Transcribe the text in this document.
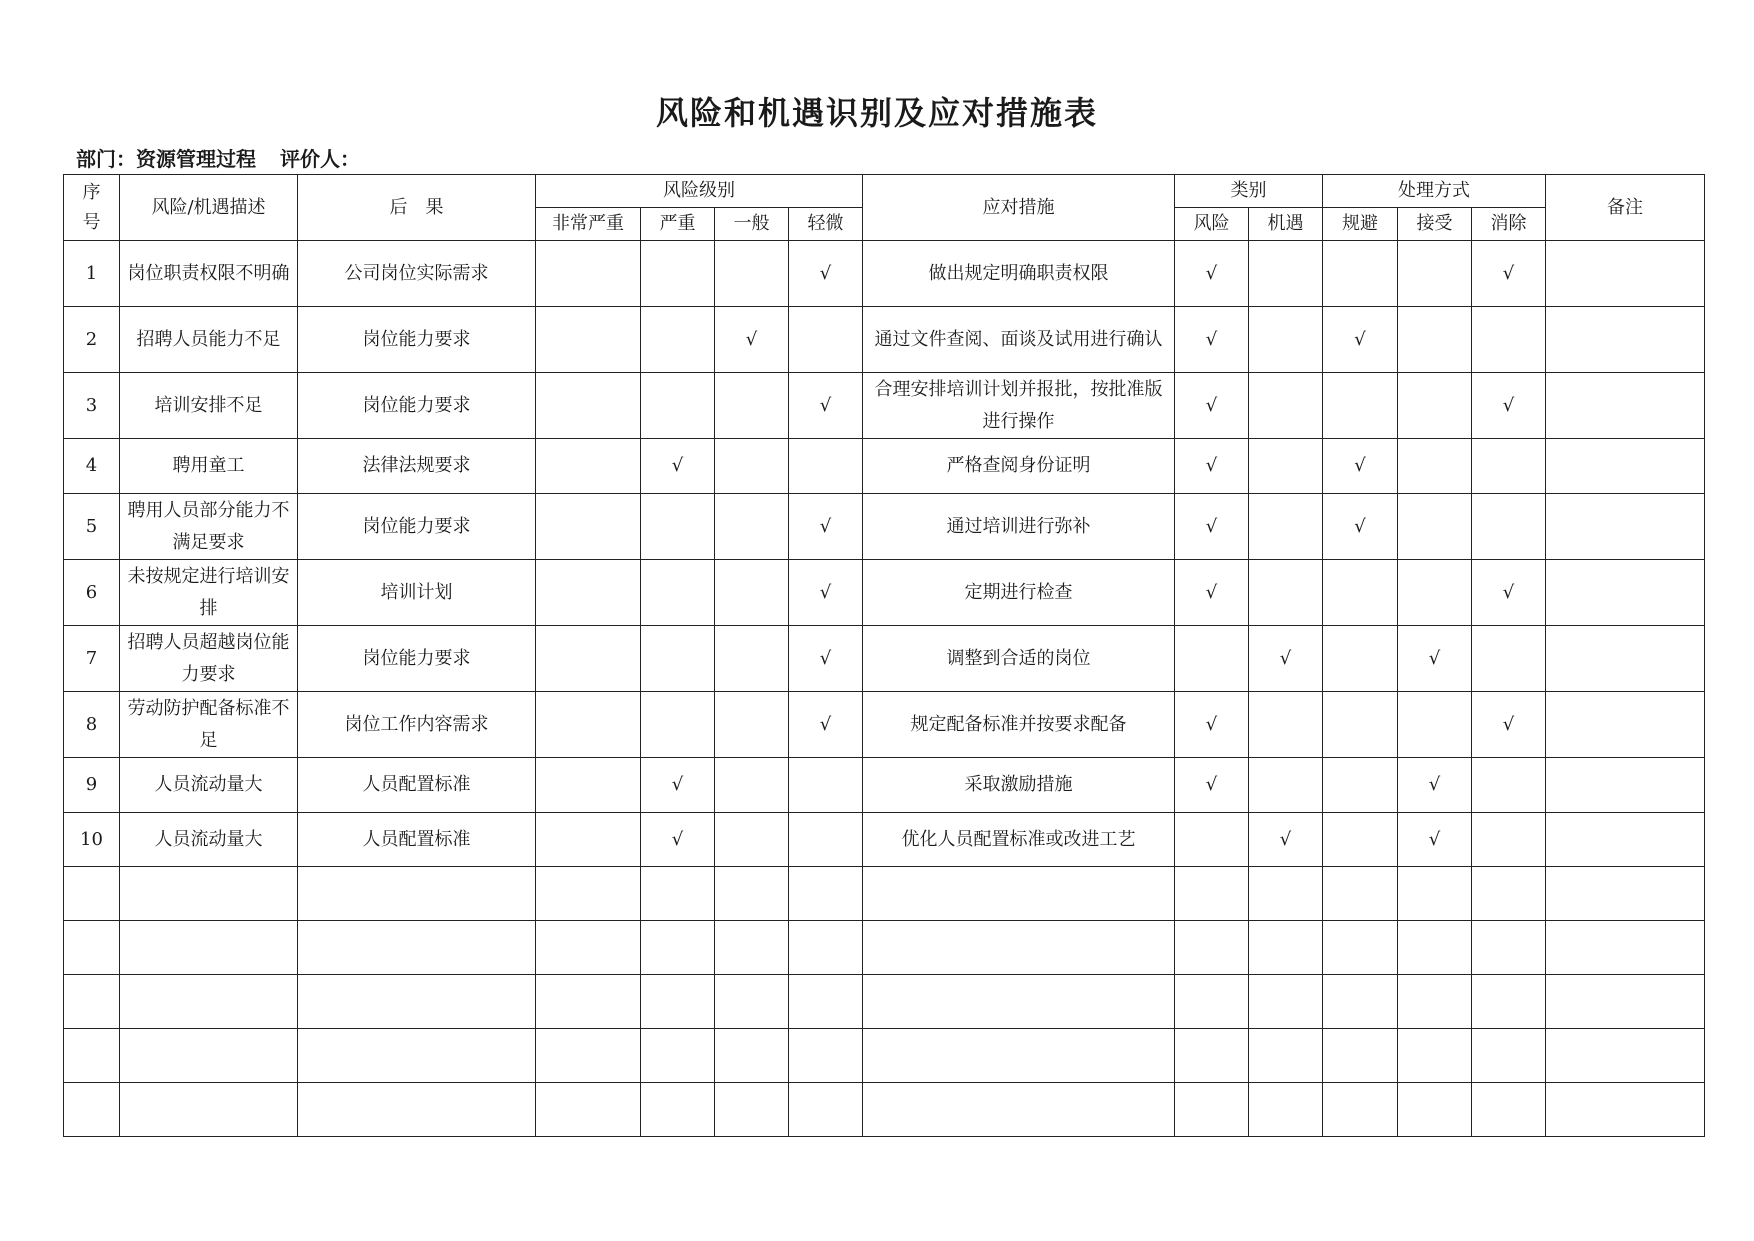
风险和机遇识别及应对措施表
部门：资源管理过程 评价人：
序号	风险/机遇描述	后　果	风险级别				应对措施	类别		处理方式			备注
			非常严重	严重	一般	轻微		风险	机遇	规避	接受	消除	
1	岗位职责权限不明确	公司岗位实际需求				√	做出规定明确职责权限	√				√	
2	招聘人员能力不足	岗位能力要求			√		通过文件查阅、面谈及试用进行确认	√		√			
3	培训安排不足	岗位能力要求				√	合理安排培训计划并报批，按批准版进行操作	√				√	
4	聘用童工	法律法规要求		√			严格查阅身份证明	√		√			
5	聘用人员部分能力不满足要求	岗位能力要求				√	通过培训进行弥补	√		√			
6	未按规定进行培训安排	培训计划				√	定期进行检查	√				√	
7	招聘人员超越岗位能力要求	岗位能力要求				√	调整到合适的岗位		√		√		
8	劳动防护配备标准不足	岗位工作内容需求				√	规定配备标准并按要求配备	√				√	
9	人员流动量大	人员配置标准		√			采取激励措施	√			√		
10	人员流动量大	人员配置标准		√			优化人员配置标准或改进工艺		√		√		
